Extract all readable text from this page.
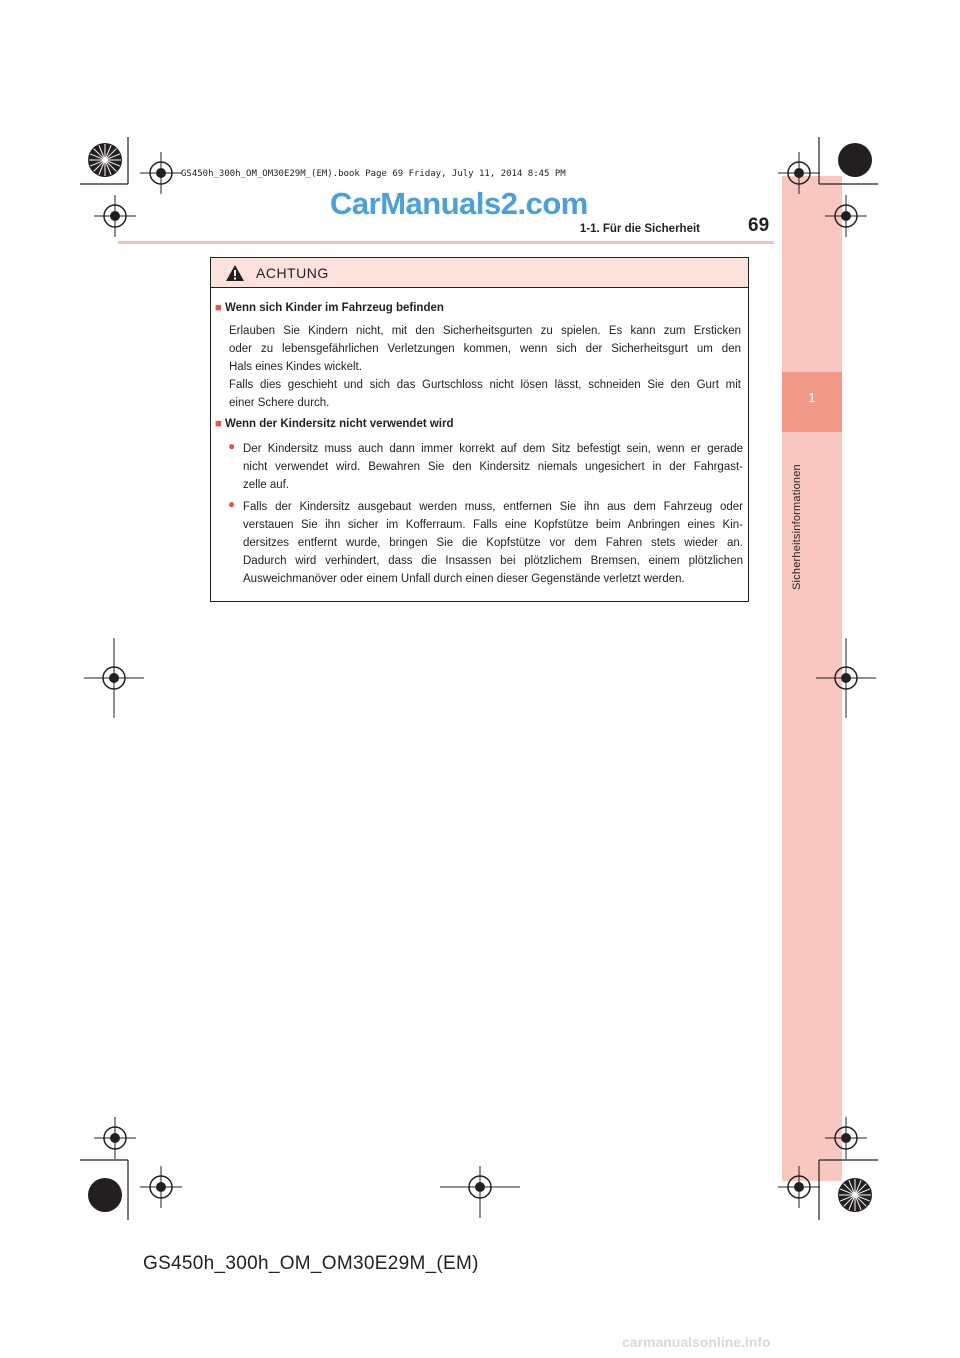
1
Sicherheitsinformationen
GS450h_300h_OM_OM30E29M_(EM).book Page 69 Friday, July 11, 2014 8:45 PM
CarManuals2.com
1-1. Für die Sicherheit	69
ACHTUNG
■ Wenn sich Kinder im Fahrzeug befinden
Erlauben Sie Kindern nicht, mit den Sicherheitsgurten zu spielen. Es kann zum Ersticken
oder zu lebensgefährlichen Verletzungen kommen, wenn sich der Sicherheitsgurt um den
Hals eines Kindes wickelt.
Falls dies geschieht und sich das Gurtschloss nicht lösen lässt, schneiden Sie den Gurt mit
einer Schere durch.
■ Wenn der Kindersitz nicht verwendet wird
● Der Kindersitz muss auch dann immer korrekt auf dem Sitz befestigt sein, wenn er gerade
nicht verwendet wird. Bewahren Sie den Kindersitz niemals ungesichert in der Fahrgast-
zelle auf.
● Falls der Kindersitz ausgebaut werden muss, entfernen Sie ihn aus dem Fahrzeug oder
verstauen Sie ihn sicher im Kofferraum. Falls eine Kopfstütze beim Anbringen eines Kin-
dersitzes entfernt wurde, bringen Sie die Kopfstütze vor dem Fahren stets wieder an.
Dadurch wird verhindert, dass die Insassen bei plötzlichem Bremsen, einem plötzlichen
Ausweichmanöver oder einem Unfall durch einen dieser Gegenstände verletzt werden.
GS450h_300h_OM_OM30E29M_(EM)
carmanualsonline.info
